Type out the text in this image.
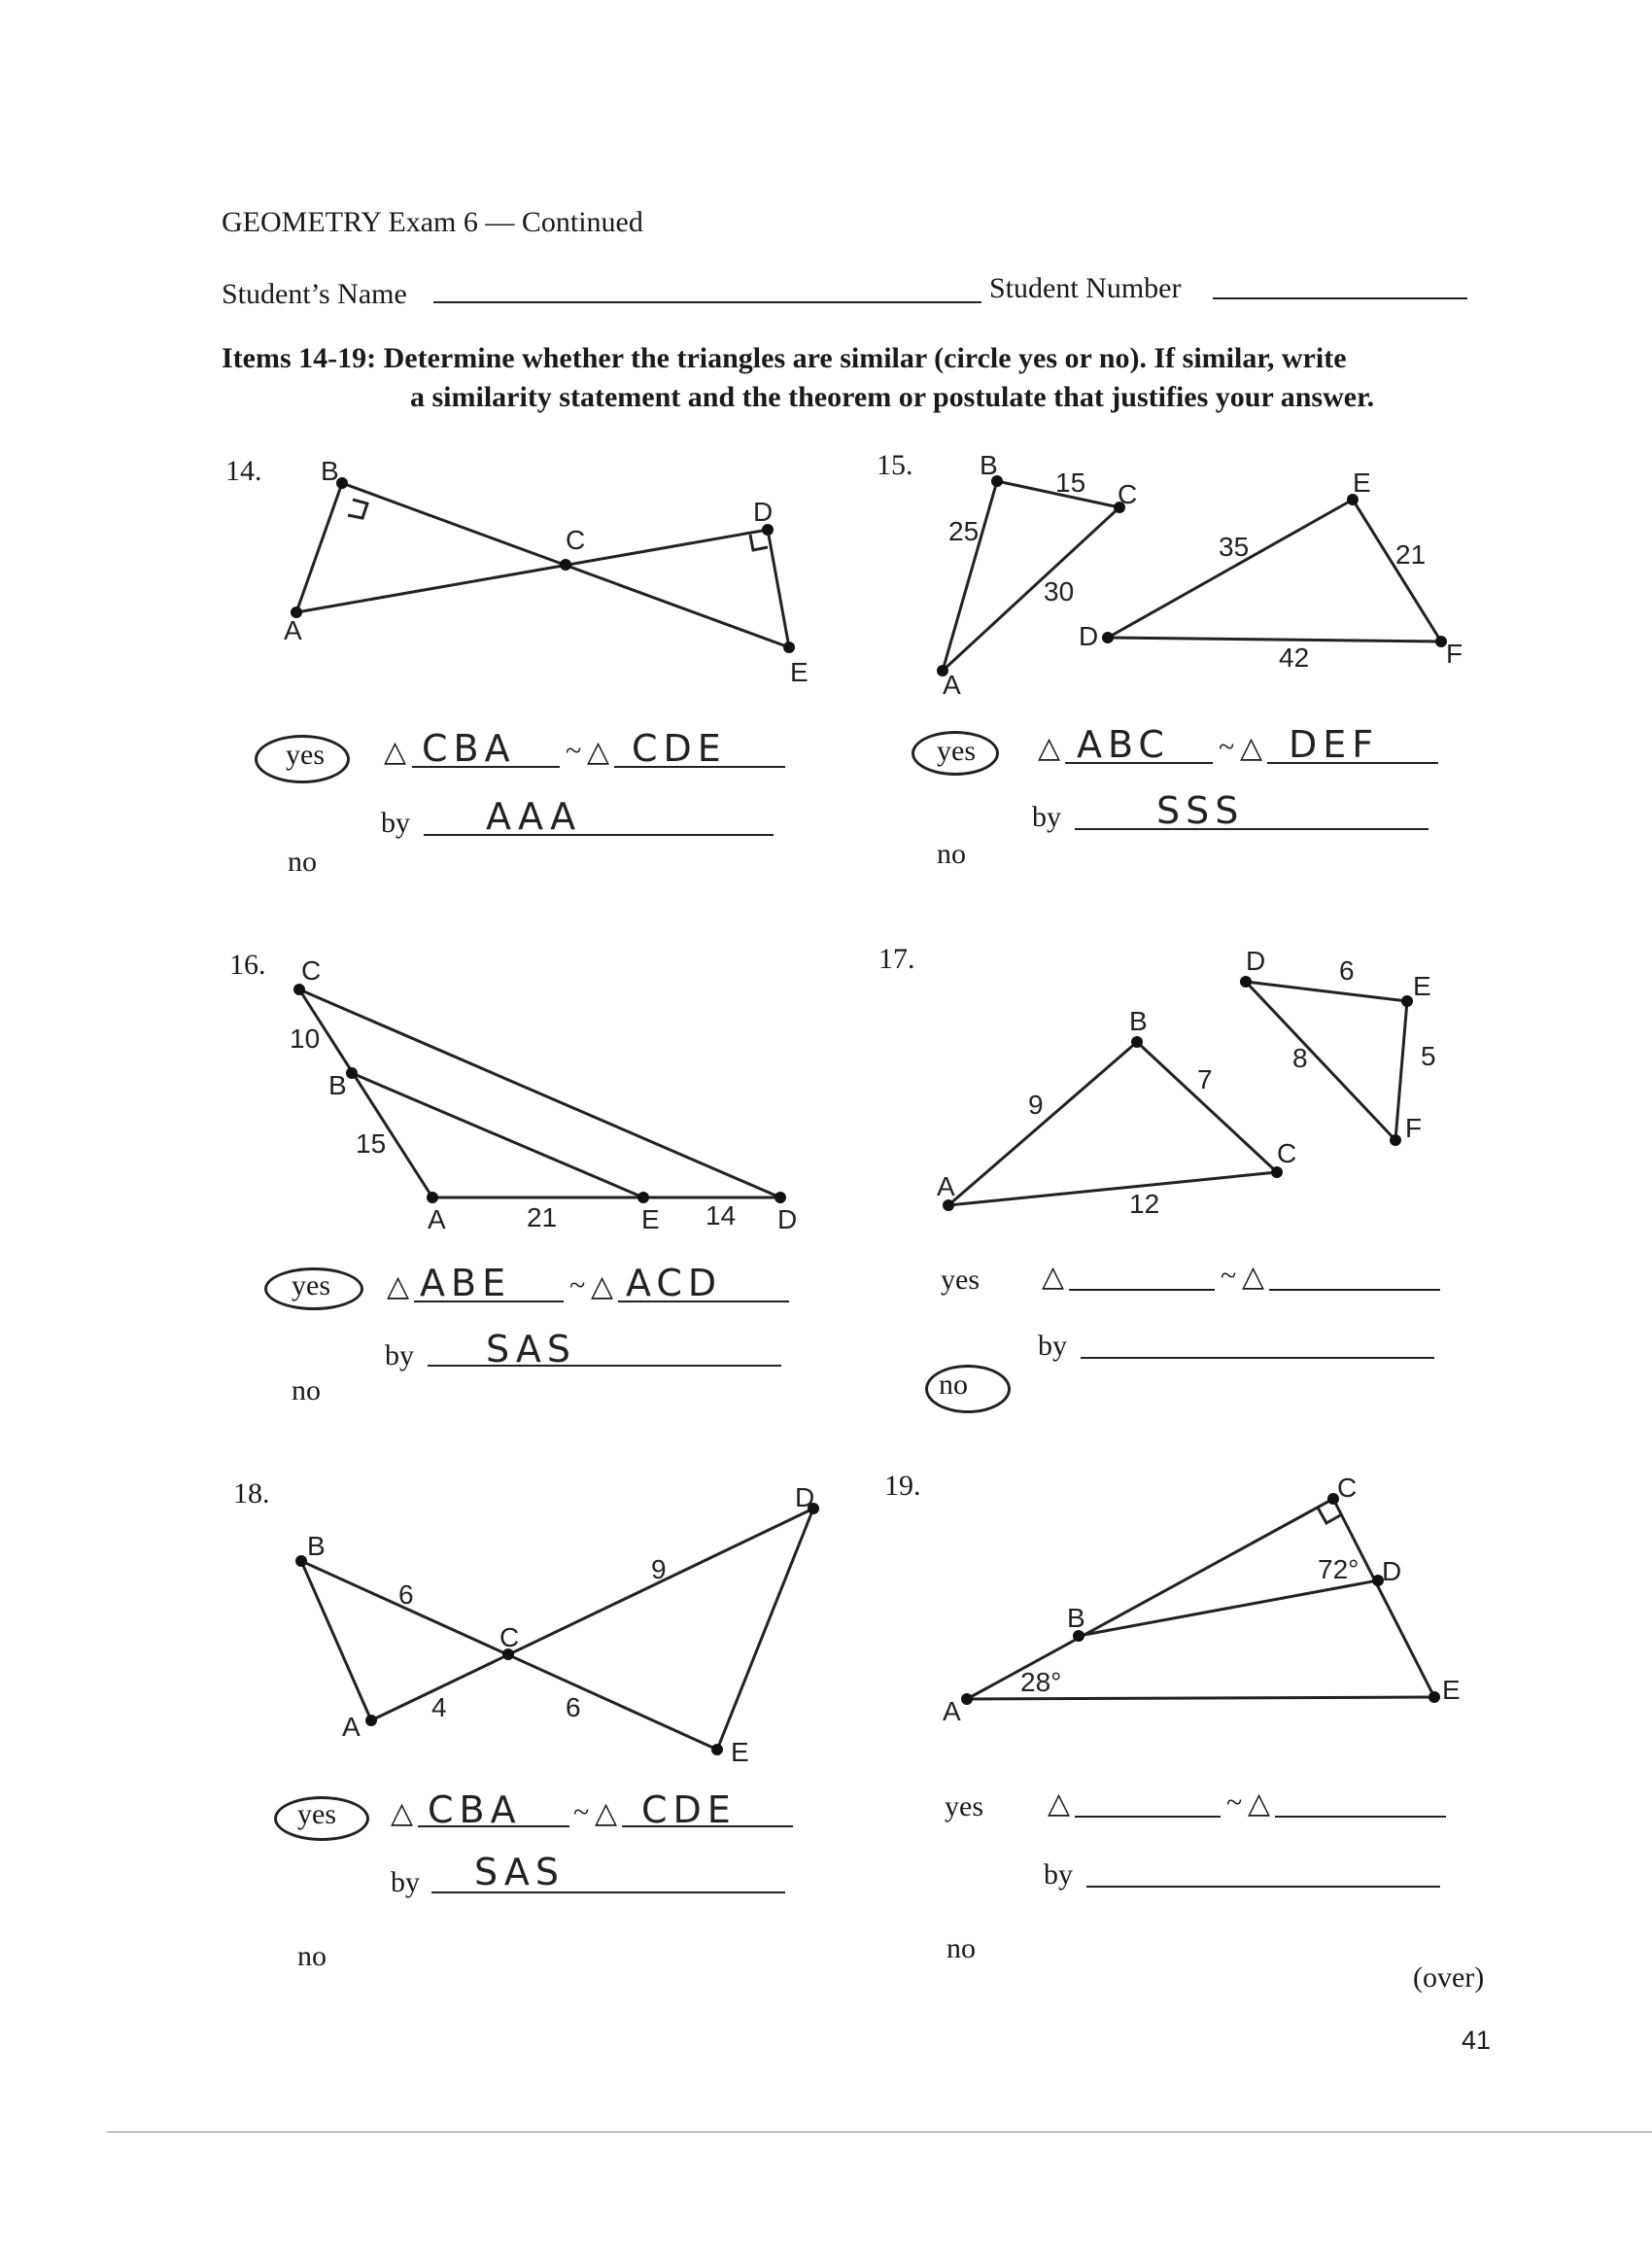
GEOMETRY Exam 6 — Continued
Student’s Name	Student Number
Items 14-19: Determine whether the triangles are similar (circle yes or no). If similar, write
a similarity statement and the theorem or postulate that justifies your answer.
14.
A
B
C
D
E
yes
no
△ CBA ~ △ CDE
by AAA
15.
A
B
C
D
E
F
15
25
30
35	21
42
yes
no
△ ABC ~ △ DEF
by	SSS
16.
A
B
C
D
E
10
15
21	14
yes
no
△ ABE ~ △ ACD
by SAS
17.
A
B
C
D
E
F
9
7
12
6
8	5
yes
no
△	~ △
by
18.
A
B
C
D
E
6
4
9
6
yes
no
△ CBA ~ △ CDE
by SAS
19.
A
B
C
D
E
28°
72°
yes
no
△	~ △
by
(over)
41
